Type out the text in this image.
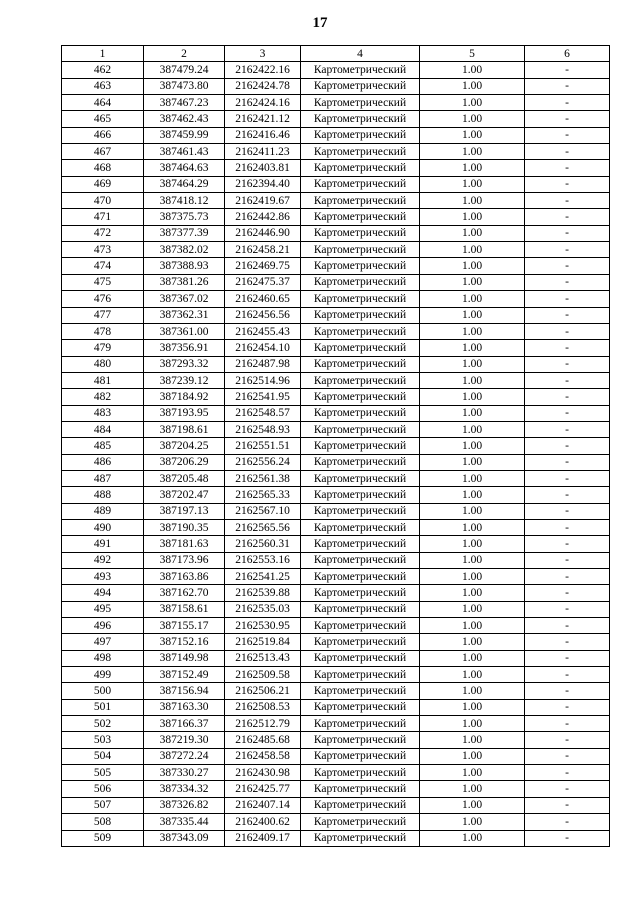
17
1	2	3	4	5	6
462	387479.24	2162422.16	Картометрический	1.00	-
463	387473.80	2162424.78	Картометрический	1.00	-
464	387467.23	2162424.16	Картометрический	1.00	-
465	387462.43	2162421.12	Картометрический	1.00	-
466	387459.99	2162416.46	Картометрический	1.00	-
467	387461.43	2162411.23	Картометрический	1.00	-
468	387464.63	2162403.81	Картометрический	1.00	-
469	387464.29	2162394.40	Картометрический	1.00	-
470	387418.12	2162419.67	Картометрический	1.00	-
471	387375.73	2162442.86	Картометрический	1.00	-
472	387377.39	2162446.90	Картометрический	1.00	-
473	387382.02	2162458.21	Картометрический	1.00	-
474	387388.93	2162469.75	Картометрический	1.00	-
475	387381.26	2162475.37	Картометрический	1.00	-
476	387367.02	2162460.65	Картометрический	1.00	-
477	387362.31	2162456.56	Картометрический	1.00	-
478	387361.00	2162455.43	Картометрический	1.00	-
479	387356.91	2162454.10	Картометрический	1.00	-
480	387293.32	2162487.98	Картометрический	1.00	-
481	387239.12	2162514.96	Картометрический	1.00	-
482	387184.92	2162541.95	Картометрический	1.00	-
483	387193.95	2162548.57	Картометрический	1.00	-
484	387198.61	2162548.93	Картометрический	1.00	-
485	387204.25	2162551.51	Картометрический	1.00	-
486	387206.29	2162556.24	Картометрический	1.00	-
487	387205.48	2162561.38	Картометрический	1.00	-
488	387202.47	2162565.33	Картометрический	1.00	-
489	387197.13	2162567.10	Картометрический	1.00	-
490	387190.35	2162565.56	Картометрический	1.00	-
491	387181.63	2162560.31	Картометрический	1.00	-
492	387173.96	2162553.16	Картометрический	1.00	-
493	387163.86	2162541.25	Картометрический	1.00	-
494	387162.70	2162539.88	Картометрический	1.00	-
495	387158.61	2162535.03	Картометрический	1.00	-
496	387155.17	2162530.95	Картометрический	1.00	-
497	387152.16	2162519.84	Картометрический	1.00	-
498	387149.98	2162513.43	Картометрический	1.00	-
499	387152.49	2162509.58	Картометрический	1.00	-
500	387156.94	2162506.21	Картометрический	1.00	-
501	387163.30	2162508.53	Картометрический	1.00	-
502	387166.37	2162512.79	Картометрический	1.00	-
503	387219.30	2162485.68	Картометрический	1.00	-
504	387272.24	2162458.58	Картометрический	1.00	-
505	387330.27	2162430.98	Картометрический	1.00	-
506	387334.32	2162425.77	Картометрический	1.00	-
507	387326.82	2162407.14	Картометрический	1.00	-
508	387335.44	2162400.62	Картометрический	1.00	-
509	387343.09	2162409.17	Картометрический	1.00	-
